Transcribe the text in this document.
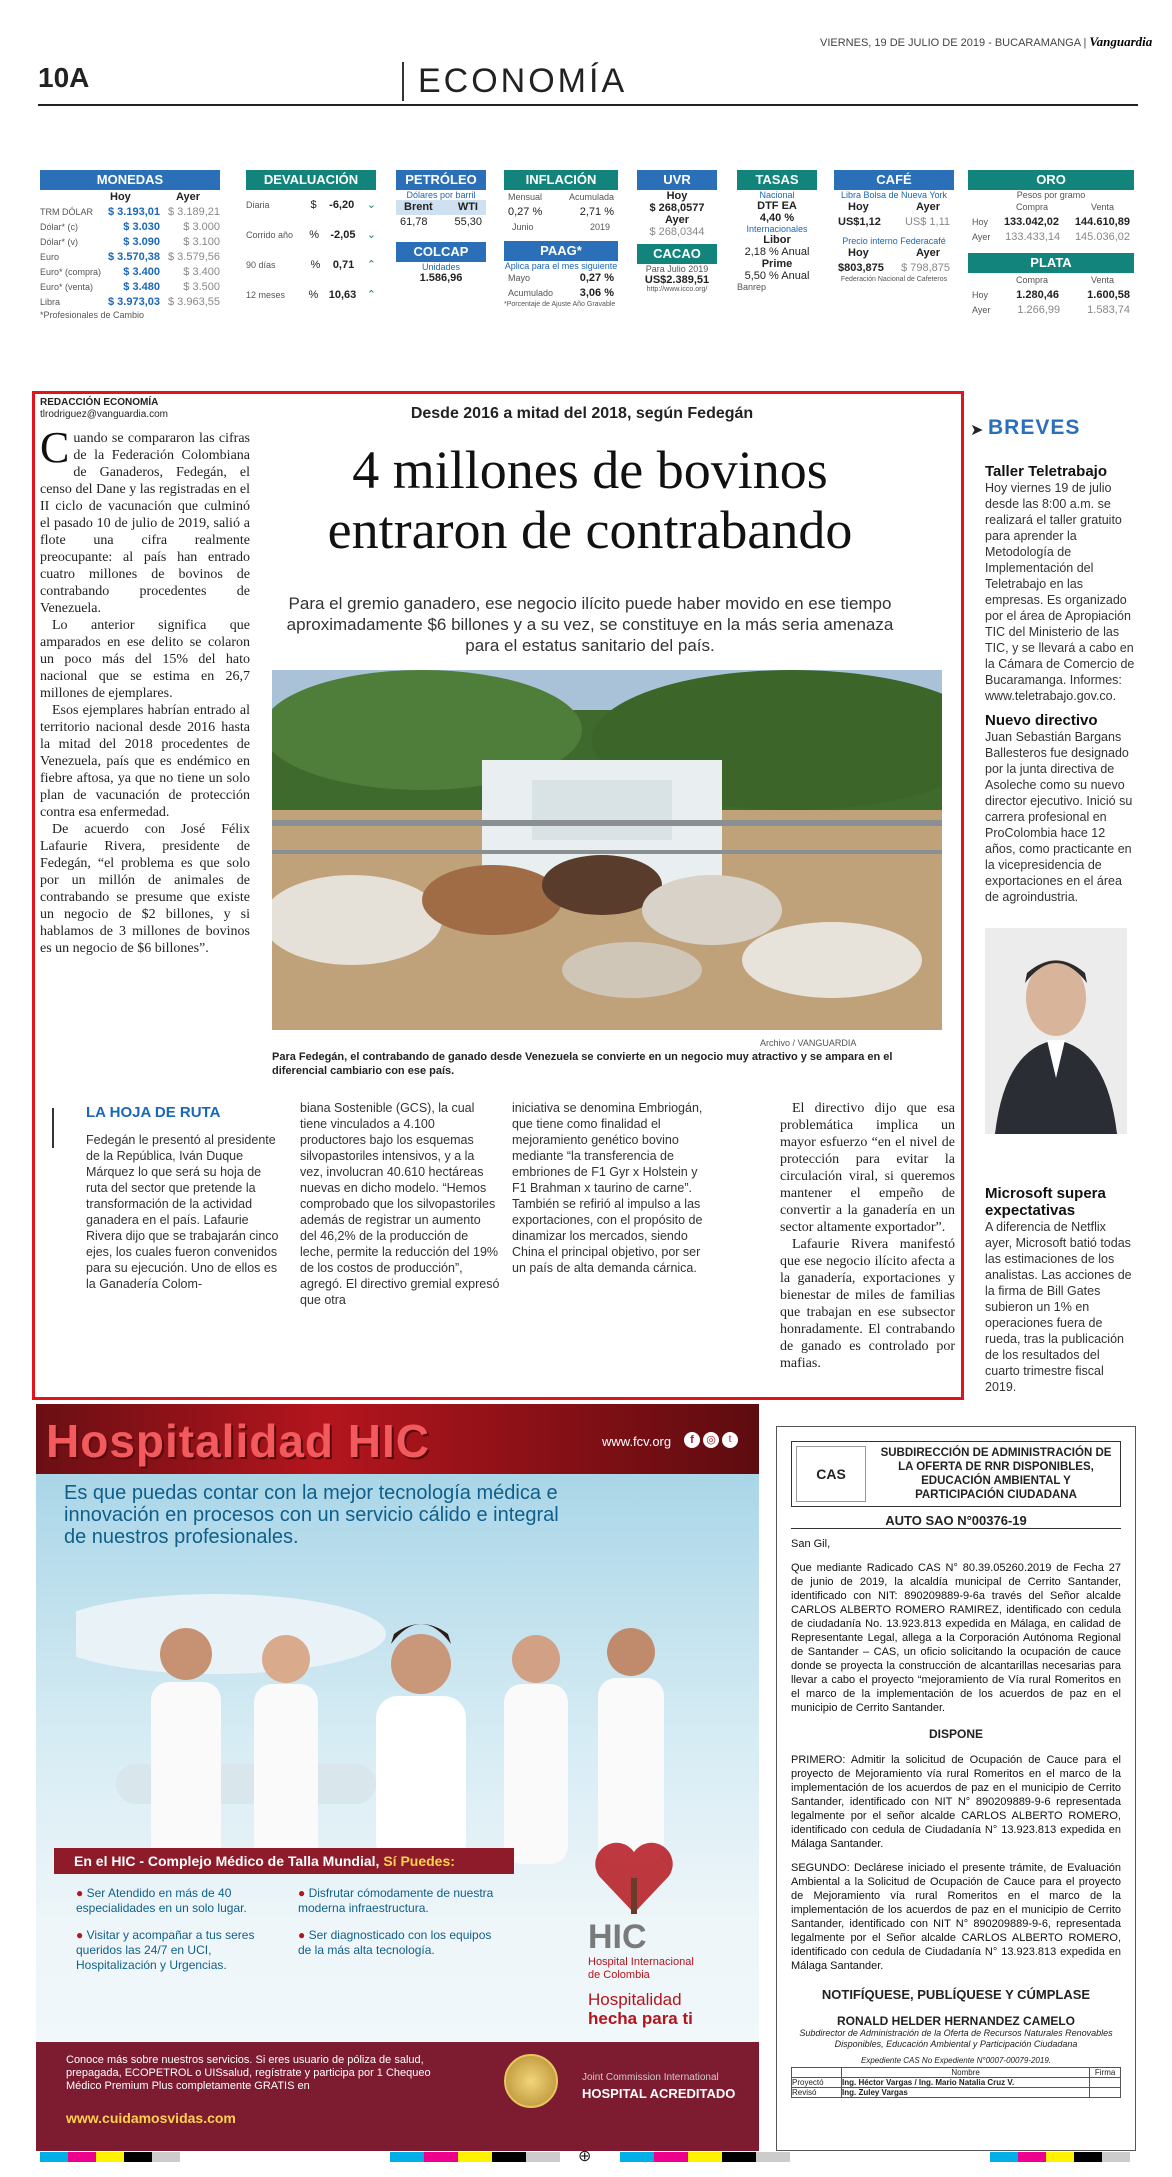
VIERNES, 19 DE JULIO DE 2019 - BUCARAMANGA | Vanguardia
10A	ECONOMÍA
MONEDAS
Hoy	Ayer
TRM DÓLAR	$ 3.193,01 $ 3.189,21
Dólar* (c)	$ 3.030 $ 3.000
Dólar* (v)	$ 3.090 $ 3.100
Euro	$ 3.570,38 $ 3.579,56
Euro* (compra) $ 3.400 $ 3.400
Euro* (venta)	$ 3.480 $ 3.500
Libra	$ 3.973,03 $ 3.963,55
*Profesionales de Cambio
DEVALUACIÓN
Diaria	$ -6,20 ⌄
Corrido año	% -2,05 ⌄
90 días	% 0,71 ⌃
12 meses	% 10,63 ⌃
PETRÓLEO
Dólares por barril
Brent WTI
61,78 55,30
COLCAP
Unidades
1.586,96
INFLACIÓN
Mensual	Acumulada
0,27 %	2,71 %
Junio	2019
PAAG*
Aplica para el mes siguiente
Mayo	0,27 %
Acumulado 3,06 %
*Porcentaje de Ajuste Año Gravable
UVR
Hoy
$ 268,0577
Ayer
$ 268,0344
CACAO
Para Julio 2019
US$2.389,51
http://www.icco.org/
TASAS
Nacional
DTF EA
4,40 %
Internacionales
Libor
2,18 % Anual
Prime
5,50 % Anual
Banrep
CAFÉ
Libra Bolsa de Nueva York
Hoy	Ayer
US$1,12 US$ 1,11
Precio interno Federacafé
Hoy	Ayer
$803,875 $ 798,875
Federación Nacional de Cafeteros
ORO
Pesos por gramo
Compra	Venta
Hoy 133.042,02 144.610,89
Ayer 133.433,14 145.036,02
PLATA
Compra	Venta
Hoy	1.280,46	1.600,58
Ayer 1.266,99 1.583,74
REDACCIÓN ECONOMÍA
tlrodriguez@vanguardia.com	Desde 2016 a mitad del 2018, según Fedegán
4 millones de bovinos
entraron de contrabando
Para el gremio ganadero, ese negocio ilícito puede haber movido en ese tiempo aproximadamente $6 billones y a su vez, se constituye en la más seria amenaza para el estatus sanitario del país.

Cuando se compararon las cifras de la Federación Colombiana de Ganaderos, Fedegán, el censo del Dane y las registradas en el II ciclo de vacunación que culminó el pasado 10 de julio de 2019, salió a flote una cifra realmente preocupante: al país han entrado cuatro millones de bovinos de contrabando procedentes de Venezuela.

Lo anterior significa que amparados en ese delito se colaron un poco más del 15% del hato nacional que se estima en 26,7 millones de ejemplares.

Esos ejemplares habrían entrado al territorio nacional desde 2016 hasta la mitad del 2018 procedentes de Venezuela, país que es endémico en fiebre aftosa, ya que no tiene un solo plan de vacunación de protección contra esa enfermedad.

De acuerdo con José Félix Lafaurie Rivera, presidente de Fedegán, “el problema es que solo por un millón de animales de contrabando se presume que existe un negocio de $2 billones, y si hablamos de 3 millones de bovinos es un negocio de $6 billones”.

Archivo / VANGUARDIA
Para Fedegán, el contrabando de ganado desde Venezuela se convierte en un negocio muy atractivo y se ampara en el diferencial cambiario con ese país.
LA HOJA DE RUTA
Fedegán le presentó al presidente de la República, Iván Duque Márquez lo que será su hoja de ruta del sector que pretende la transformación de la actividad ganadera en el país. Lafaurie Rivera dijo que se trabajarán cinco ejes, los cuales fueron convenidos para su ejecución. Uno de ellos es la Ganadería Colom-
biana Sostenible (GCS), la cual tiene vinculados a 4.100 productores bajo los esquemas silvopastoriles intensivos, y a la vez, involucran 40.610 hectáreas nuevas en dicho modelo. “Hemos comprobado que los silvopastoriles además de registrar un aumento del 46,2% de la producción de leche, permite la reducción del 19% de los costos de producción”, agregó. El directivo gremial expresó que otra
iniciativa se denomina Embriogán, que tiene como finalidad el mejoramiento genético bovino mediante “la transferencia de embriones de F1 Gyr x Holstein y F1 Brahman x taurino de carne”. También se refirió al impulso a las exportaciones, con el propósito de dinamizar los mercados, siendo China el principal objetivo, por ser un país de alta demanda cárnica.

El directivo dijo que esa problemática implica un mayor esfuerzo “en el nivel de protección para evitar la circulación viral, si queremos mantener el empeño de convertir a la ganadería en un sector altamente exportador”.

Lafaurie Rivera manifestó que ese negocio ilícito afecta a la ganadería, exportaciones y bienestar de miles de familias que trabajan en ese subsector honradamente. El contrabando de ganado es controlado por mafias.

➤ BREVES
Taller Teletrabajo
Hoy viernes 19 de julio desde las 8:00 a.m. se realizará el taller gratuito para aprender la Metodología de Implementación del Teletrabajo en las empresas. Es organizado por el área de Apropiación TIC del Ministerio de las TIC, y se llevará a cabo en la Cámara de Comercio de Bucaramanga. Informes: www.teletrabajo.gov.co.
Nuevo directivo
Juan Sebastián Bargans Ballesteros fue designado por la junta directiva de Asoleche como su nuevo director ejecutivo. Inició su carrera profesional en ProColombia hace 12 años, como practicante en la vicepresidencia de exportaciones en el área de agroindustria.
Microsoft supera expectativas
A diferencia de Netflix ayer, Microsoft batió todas las estimaciones de los analistas. Las acciones de la firma de Bill Gates subieron un 1% en operaciones fuera de rueda, tras la publicación de los resultados del cuarto trimestre fiscal 2019.
Hospitalidad HIC	www.fcv.org	f	◎	t
Es que puedas contar con la mejor tecnología médica e innovación en procesos con un servicio cálido e integral de nuestros profesionales.
En el HIC - Complejo Médico de Talla Mundial, Sí Puedes:
● Ser Atendido en más de 40 especialidades en un solo lugar.
● Disfrutar cómodamente de nuestra moderna infraestructura.
● Visitar y acompañar a tus seres queridos las 24/7 en UCI, Hospitalización y Urgencias.
● Ser diagnosticado con los equipos de la más alta tecnología.	HIC
Hospital Internacional
de Colombia
Hospitalidad
hecha para ti
Conoce más sobre nuestros servicios. Si eres usuario de póliza de salud, prepagada, ECOPETROL o UISsalud, regístrate y participa por 1 Chequeo Médico Premium Plus completamente GRATIS en
www.cuidamosvidas.com
Joint Commission International
HOSPITAL ACREDITADO
CAS
SUBDIRECCIÓN DE ADMINISTRACIÓN DE LA OFERTA DE RNR DISPONIBLES, EDUCACIÓN AMBIENTAL Y PARTICIPACIÓN CIUDADANA
AUTO SAO N°00376-19
San Gil,
Que mediante Radicado CAS N° 80.39.05260.2019 de Fecha 27 de junio de 2019, la alcaldía municipal de Cerrito Santander, identificado con NIT: 890209889-9-6a través del Señor alcalde CARLOS ALBERTO ROMERO RAMIREZ, identificado con cedula de ciudadanía No. 13.923.813 expedida en Málaga, en calidad de Representante Legal, allega a la Corporación Autónoma Regional de Santander – CAS, un oficio solicitando la ocupación de cauce donde se proyecta la construcción de alcantarillas necesarias para llevar a cabo el proyecto “mejoramiento de Vía rural Romeritos en el marco de la implementación de los acuerdos de paz en el municipio de Cerrito Santander.
DISPONE
PRIMERO: Admitir la solicitud de Ocupación de Cauce para el proyecto de Mejoramiento vía rural Romeritos en el marco de la implementación de los acuerdos de paz en el municipio de Cerrito Santander, identificado con NIT N° 890209889-9-6 representada legalmente por el señor alcalde CARLOS ALBERTO ROMERO, identificado con cedula de Ciudadanía N° 13.923.813 expedida en Málaga Santander.
SEGUNDO: Declárese iniciado el presente trámite, de Evaluación Ambiental a la Solicitud de Ocupación de Cauce para el proyecto de Mejoramiento vía rural Romeritos en el marco de la implementación de los acuerdos de paz en el municipio de Cerrito Santander, identificado con NIT N° 890209889-9-6, representada legalmente por el Señor alcalde CARLOS ALBERTO ROMERO, identificado con cedula de Ciudadanía N° 13.923.813 expedida en Málaga Santander.
NOTIFÍQUESE, PUBLÍQUESE Y CÚMPLASE
RONALD HELDER HERNANDEZ CAMELO
Subdirector de Administración de la Oferta de Recursos Naturales Renovables Disponibles, Educación Ambiental y Participación Ciudadana
Expediente CAS No Expediente N°0007-00079-2019.
	Nombre	Firma
Proyectó	Ing. Héctor Vargas / Ing. Mario Natalia Cruz V.	
Revisó	Ing. Zuley Vargas	
⊕
